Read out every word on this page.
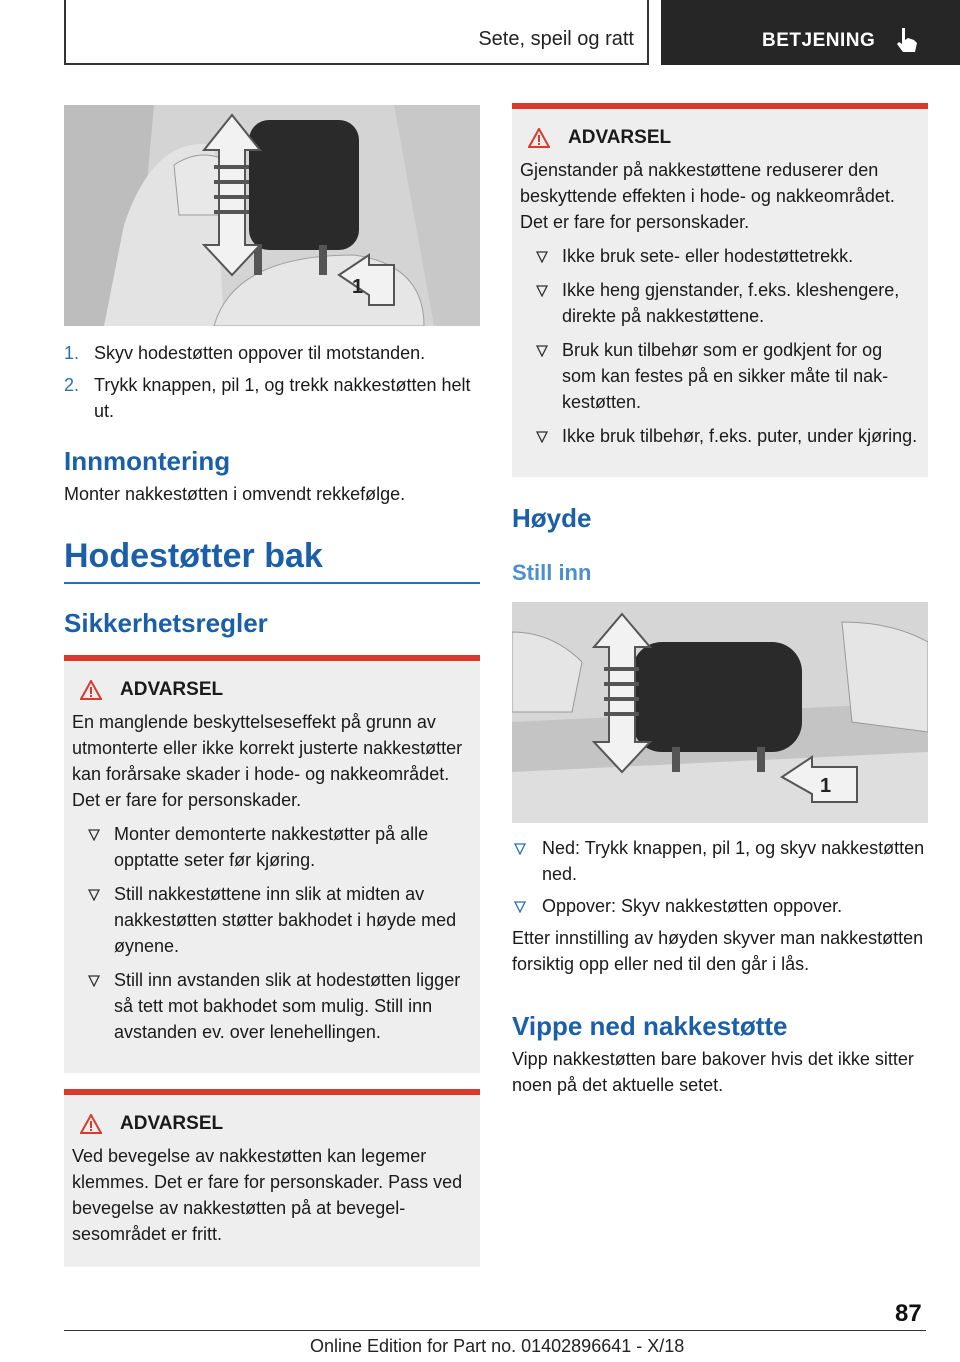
Sete, speil og ratt	BETJENING
1
1. Skyv hodestøtten oppover til motstanden.
2. Trykk knappen, pil 1, og trekk nakkestøtten helt ut.
Innmontering

Monter nakkestøtten i omvendt rekkefølge.

Hodestøtter bak
Sikkerhetsregler
ADVARSEL

En manglende beskyttelseseffekt på grunn av utmonterte eller ikke korrekt justerte nakkestøtter kan forårsake skader i hode- og nakkeområdet. Det er fare for personskader.

Monter demonterte nakkestøtter på alle opptatte seter før kjøring.
Still nakkestøttene inn slik at midten av nakkestøtten støtter bakhodet i høyde med øynene.
Still inn avstanden slik at hodestøtten ligger så tett mot bakhodet som mulig. Still inn avstanden ev. over lenehellingen.
ADVARSEL

Ved bevegelse av nakkestøtten kan legemer klemmes. Det er fare for personskader. Pass ved bevegelse av nakkestøtten på at bevegelsesområdet er fritt.

ADVARSEL

Gjenstander på nakkestøttene reduserer den beskyttende effekten i hode- og nakkeområdet. Det er fare for personskader.

Ikke bruk sete- eller hodestøttetrekk.
Ikke heng gjenstander, f.eks. kleshengere, direkte på nakkestøttene.
Bruk kun tilbehør som er godkjent for og som kan festes på en sikker måte til nakkestøtten.
Ikke bruk tilbehør, f.eks. puter, under kjøring.
Høyde
Still inn
1
Ned: Trykk knappen, pil 1, og skyv nakkestøtten ned.
Oppover: Skyv nakkestøtten oppover.

Etter innstilling av høyden skyver man nakkestøtten forsiktig opp eller ned til den går i lås.

Vippe ned nakkestøtte

Vipp nakkestøtten bare bakover hvis det ikke sitter noen på det aktuelle setet.

87
Online Edition for Part no. 01402896641 - X/18
